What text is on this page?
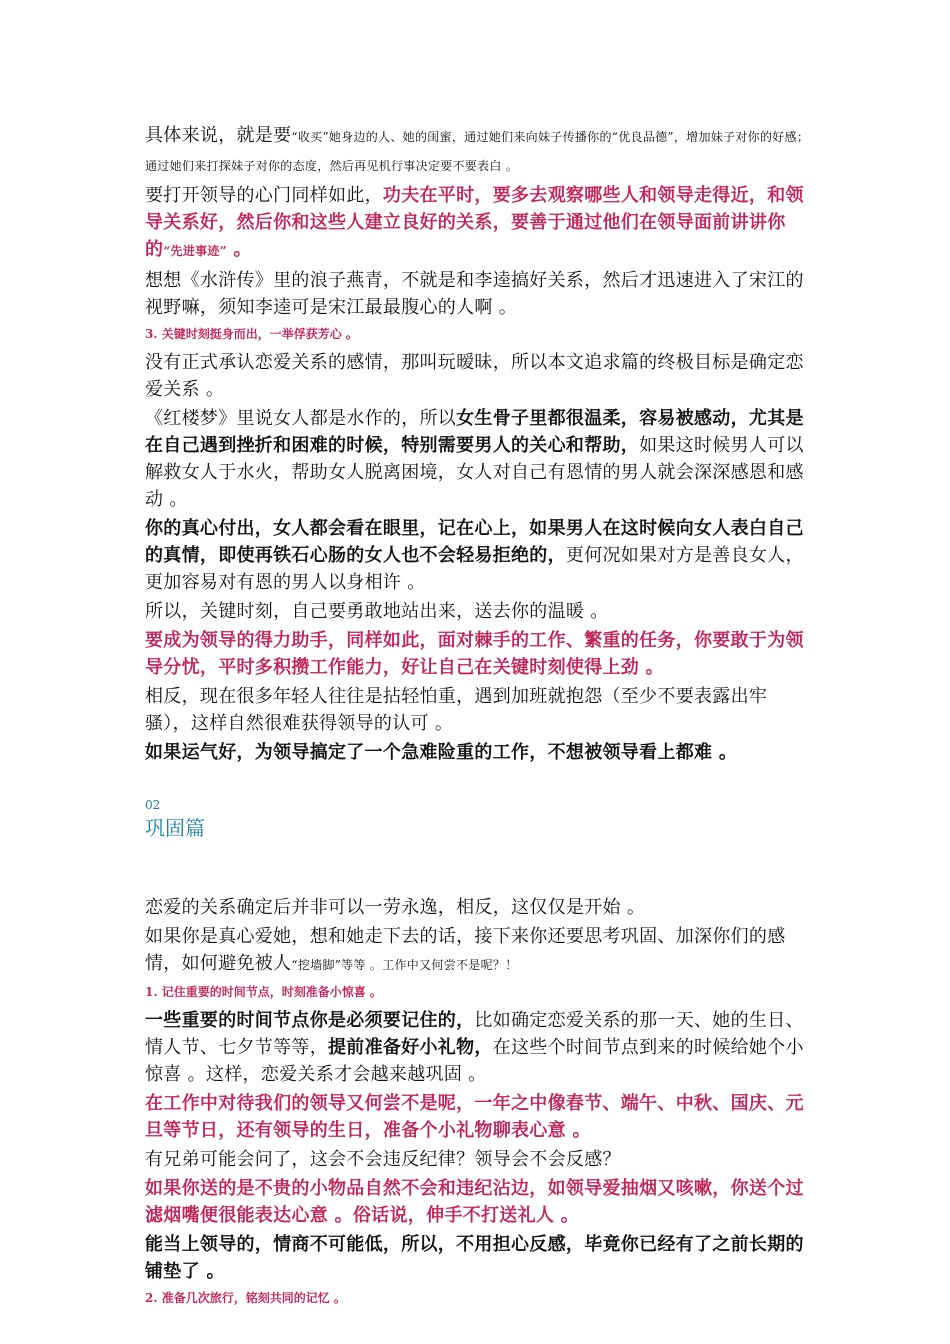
具体来说，就是要“收买”她身边的人、她的闺蜜，通过她们来向妹子传播你的“优良品德”，增加妹子对你的好感；通过她们来打探妹子对你的态度，然后再见机行事决定要不要表白 。

要打开领导的心门同样如此，功夫在平时，要多去观察哪些人和领导走得近，和领导关系好，然后你和这些人建立良好的关系，要善于通过他们在领导面前讲讲你的“先进事迹” 。

想想《水浒传》里的浪子燕青，不就是和李逵搞好关系，然后才迅速进入了宋江的视野嘛，须知李逵可是宋江最最腹心的人啊 。

3. 关键时刻挺身而出，一举俘获芳心 。

没有正式承认恋爱关系的感情，那叫玩暧昧，所以本文追求篇的终极目标是确定恋爱关系 。

《红楼梦》里说女人都是水作的，所以女生骨子里都很温柔，容易被感动，尤其是在自己遇到挫折和困难的时候，特别需要男人的关心和帮助，如果这时候男人可以解救女人于水火，帮助女人脱离困境，女人对自己有恩情的男人就会深深感恩和感动 。

你的真心付出，女人都会看在眼里，记在心上，如果男人在这时候向女人表白自己的真情，即使再铁石心肠的女人也不会轻易拒绝的，更何况如果对方是善良女人，更加容易对有恩的男人以身相许 。

所以，关键时刻，自己要勇敢地站出来，送去你的温暖 。

要成为领导的得力助手，同样如此，面对棘手的工作、繁重的任务，你要敢于为领导分忧，平时多积攒工作能力，好让自己在关键时刻使得上劲 。

相反，现在很多年轻人往往是拈轻怕重，遇到加班就抱怨（至少不要表露出牢骚），这样自然很难获得领导的认可 。

如果运气好，为领导搞定了一个急难险重的工作，不想被领导看上都难 。

02
巩固篇

恋爱的关系确定后并非可以一劳永逸，相反，这仅仅是开始 。

如果你是真心爱她，想和她走下去的话，接下来你还要思考巩固、加深你们的感情，如何避免被人“挖墙脚”等等 。工作中又何尝不是呢？！

1. 记住重要的时间节点，时刻准备小惊喜 。

一些重要的时间节点你是必须要记住的，比如确定恋爱关系的那一天、她的生日、情人节、七夕节等等，提前准备好小礼物，在这些个时间节点到来的时候给她个小惊喜 。这样，恋爱关系才会越来越巩固 。

在工作中对待我们的领导又何尝不是呢，一年之中像春节、端午、中秋、国庆、元旦等节日，还有领导的生日，准备个小礼物聊表心意 。

有兄弟可能会问了，这会不会违反纪律？领导会不会反感？

如果你送的是不贵的小物品自然不会和违纪沾边，如领导爱抽烟又咳嗽，你送个过滤烟嘴便很能表达心意 。俗话说，伸手不打送礼人 。

能当上领导的，情商不可能低，所以，不用担心反感，毕竟你已经有了之前长期的铺垫了 。

2. 准备几次旅行，铭刻共同的记忆 。
